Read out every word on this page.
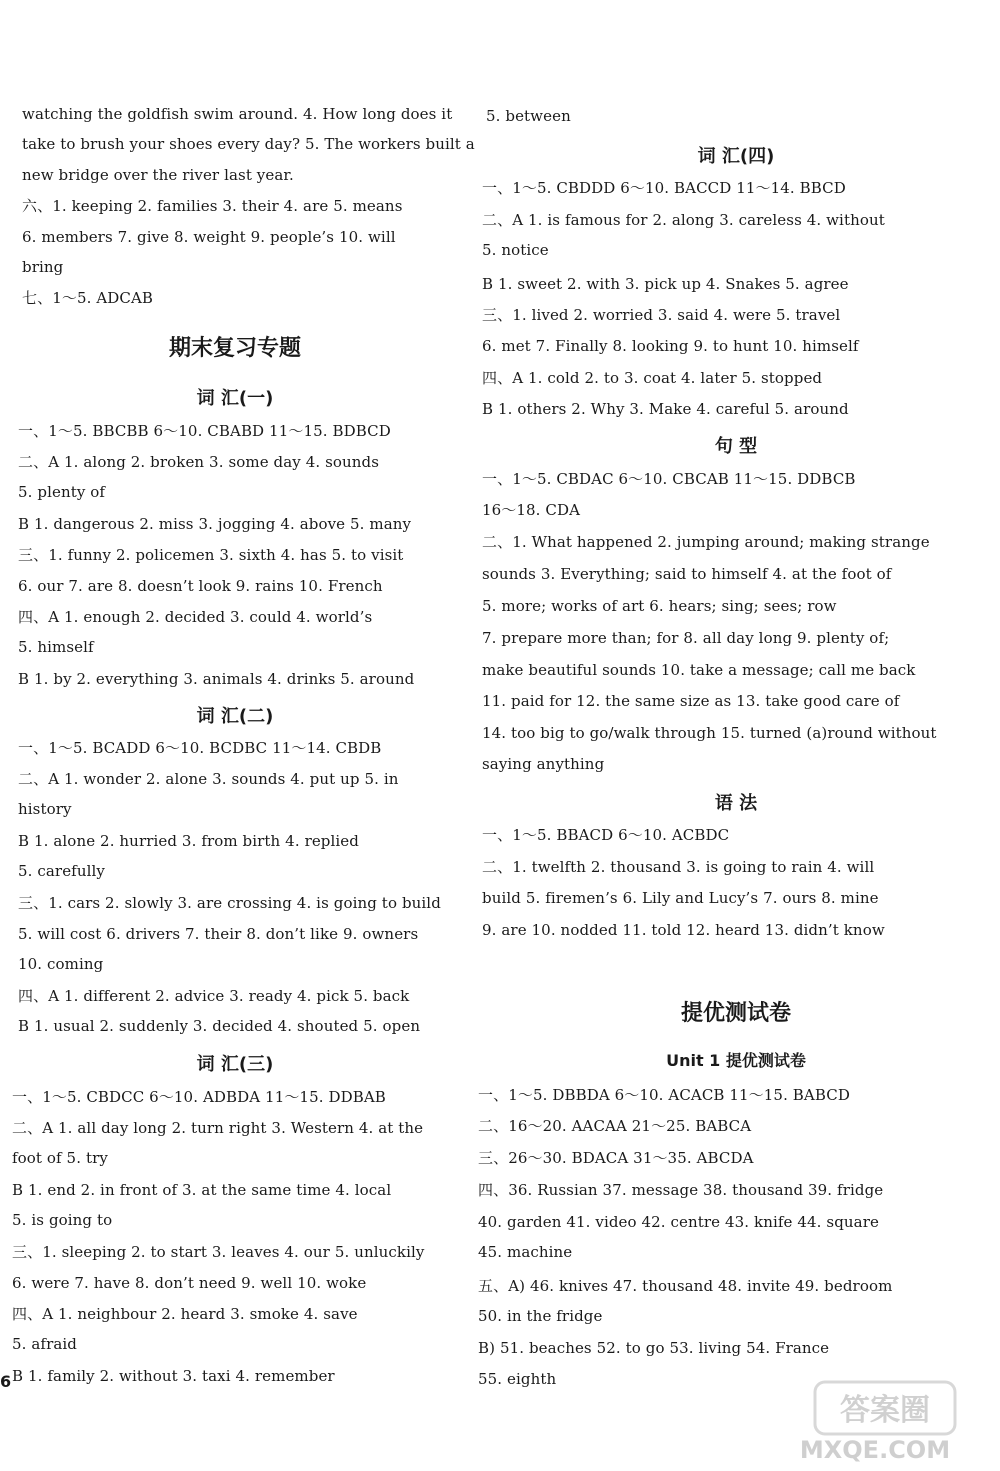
watching the goldfish swim around. 4. How long does it
take to brush your shoes every day? 5. The workers built a
new bridge over the river last year.
六、1. keeping 2. families 3. their 4. are 5. means
6. members 7. give 8. weight 9. people’s 10. will
bring
七、1～5. ADCAB
期末复习专题
词 汇(一)
一、1～5. BBCBB 6～10. CBABD 11～15. BDBCD
二、A 1. along 2. broken 3. some day 4. sounds
5. plenty of
B 1. dangerous 2. miss 3. jogging 4. above 5. many
三、1. funny 2. policemen 3. sixth 4. has 5. to visit
6. our 7. are 8. doesn’t look 9. rains 10. French
四、A 1. enough 2. decided 3. could 4. world’s
5. himself
B 1. by 2. everything 3. animals 4. drinks 5. around
词 汇(二)
一、1～5. BCADD 6～10. BCDBC 11～14. CBDB
二、A 1. wonder 2. alone 3. sounds 4. put up 5. in
history
B 1. alone 2. hurried 3. from birth 4. replied
5. carefully
三、1. cars 2. slowly 3. are crossing 4. is going to build
5. will cost 6. drivers 7. their 8. don’t like 9. owners
10. coming
四、A 1. different 2. advice 3. ready 4. pick 5. back
B 1. usual 2. suddenly 3. decided 4. shouted 5. open
词 汇(三)
一、1～5. CBDCC 6～10. ADBDA 11～15. DDBAB
二、A 1. all day long 2. turn right 3. Western 4. at the
foot of 5. try
B 1. end 2. in front of 3. at the same time 4. local
5. is going to
三、1. sleeping 2. to start 3. leaves 4. our 5. unluckily
6. were 7. have 8. don’t need 9. well 10. woke
四、A 1. neighbour 2. heard 3. smoke 4. save
5. afraid
B 1. family 2. without 3. taxi 4. remember
5. between
词 汇(四)
一、1～5. CBDDD 6～10. BACCD 11～14. BBCD
二、A 1. is famous for 2. along 3. careless 4. without
5. notice
B 1. sweet 2. with 3. pick up 4. Snakes 5. agree
三、1. lived 2. worried 3. said 4. were 5. travel
6. met 7. Finally 8. looking 9. to hunt 10. himself
四、A 1. cold 2. to 3. coat 4. later 5. stopped
B 1. others 2. Why 3. Make 4. careful 5. around
句 型
一、1～5. CBDAC 6～10. CBCAB 11～15. DDBCB
16～18. CDA
二、1. What happened 2. jumping around; making strange
sounds 3. Everything; said to himself 4. at the foot of
5. more; works of art 6. hears; sing; sees; row
7. prepare more than; for 8. all day long 9. plenty of;
make beautiful sounds 10. take a message; call me back
11. paid for 12. the same size as 13. take good care of
14. too big to go/walk through 15. turned (a)round without
saying anything
语 法
一、1～5. BBACD 6～10. ACBDC
二、1. twelfth 2. thousand 3. is going to rain 4. will
build 5. firemen’s 6. Lily and Lucy’s 7. ours 8. mine
9. are 10. nodded 11. told 12. heard 13. didn’t know
提优测试卷
Unit 1 提优测试卷
一、1～5. DBBDA 6～10. ACACB 11～15. BABCD
二、16～20. AACAA 21～25. BABCA
三、26～30. BDACA 31～35. ABCDA
四、36. Russian 37. message 38. thousand 39. fridge
40. garden 41. video 42. centre 43. knife 44. square
45. machine
五、A) 46. knives 47. thousand 48. invite 49. bedroom
50. in the fridge
B) 51. beaches 52. to go 53. living 54. France
55. eighth
6
答案圈
MXQE.COM
